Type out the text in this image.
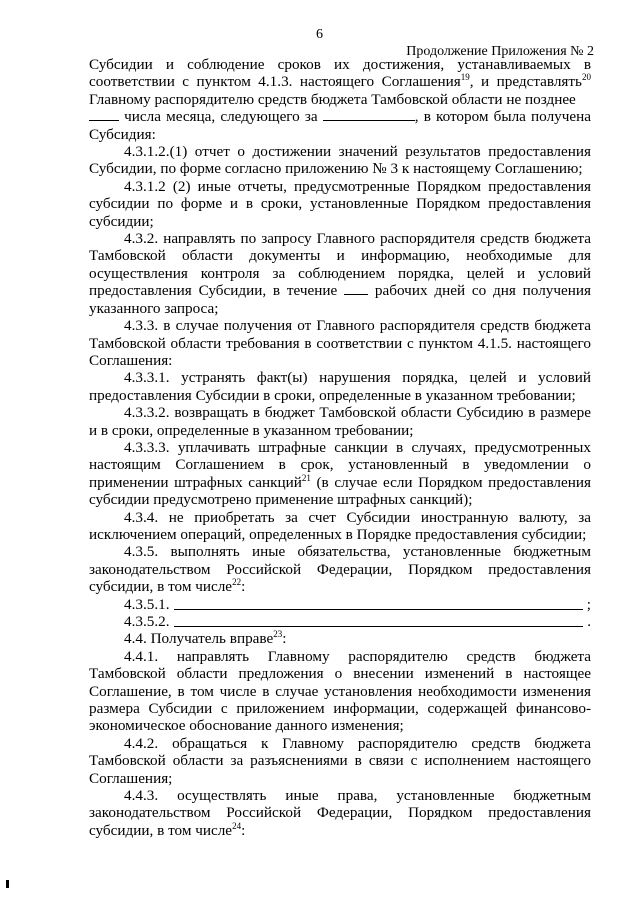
6
Продолжение Приложения № 2

Субсидии и соблюдение сроков их достижения, устанавливаемых в соответствии с пунктом 4.1.3. настоящего Соглашения$^{19}$, и представлять$^{20}$ Главному распорядителю средств бюджета Тамбовской области не позднее
числа месяца, следующего за	, в котором была получена Субсидия:

4.3.1.2.(1) отчет о достижении значений результатов предоставления Субсидии, по форме согласно приложению № 3 к настоящему Соглашению;

4.3.1.2 (2) иные отчеты, предусмотренные Порядком предоставления субсидии по форме и в сроки, установленные Порядком предоставления субсидии;

4.3.2. направлять по запросу Главного распорядителя средств бюджета Тамбовской области документы и информацию, необходимые для осуществления контроля за соблюдением порядка, целей и условий предоставления Субсидии, в течение  рабочих дней со дня получения указанного запроса;

4.3.3. в случае получения от Главного распорядителя средств бюджета Тамбовской области требования в соответствии с пунктом 4.1.5. настоящего Соглашения:

4.3.3.1. устранять факт(ы) нарушения порядка, целей и условий предоставления Субсидии в сроки, определенные в указанном требовании;

4.3.3.2. возвращать в бюджет Тамбовской области Субсидию в размере и в сроки, определенные в указанном требовании;

4.3.3.3. уплачивать штрафные санкции в случаях, предусмотренных настоящим Соглашением в срок, установленный в уведомлении о применении штрафных санкций$^{21}$ (в случае если Порядком предоставления субсидии предусмотрено применение штрафных санкций);

4.3.4. не приобретать за счет Субсидии иностранную валюту, за исключением операций, определенных в Порядке предоставления субсидии;

4.3.5. выполнять иные обязательства, установленные бюджетным законодательством Российской Федерации, Порядком предоставления субсидии, в том числе$^{22}$:

4.3.5.1.	;
4.3.5.2.	.

4.4. Получатель вправе$^{23}$:

4.4.1. направлять Главному распорядителю средств бюджета Тамбовской области предложения о внесении изменений в настоящее Соглашение, в том числе в случае установления необходимости изменения размера Субсидии с приложением информации, содержащей финансово-экономическое обоснование данного изменения;

4.4.2. обращаться к Главному распорядителю средств бюджета Тамбовской области за разъяснениями в связи с исполнением настоящего Соглашения;

4.4.3. осуществлять иные права, установленные бюджетным законодательством Российской Федерации, Порядком предоставления субсидии, в том числе$^{24}$:
